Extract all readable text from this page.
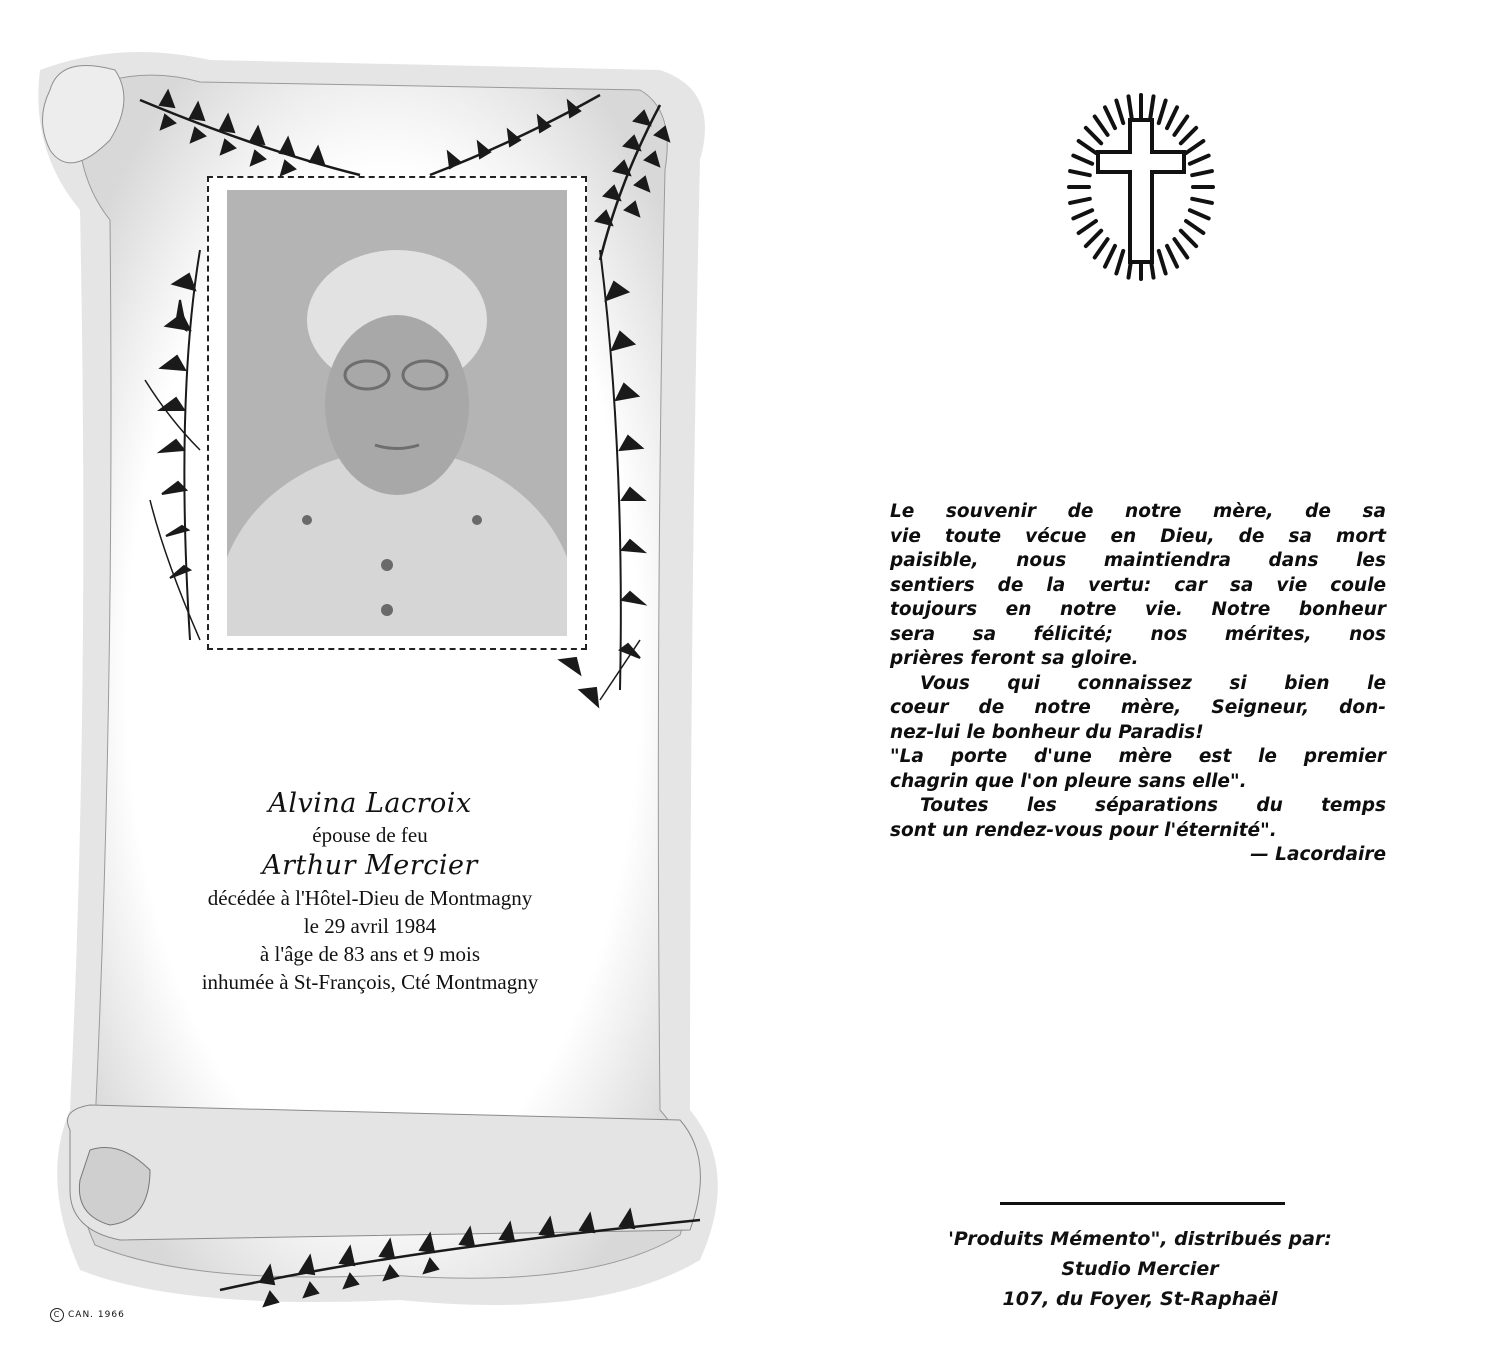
Alvina Lacroix
épouse de feu
Arthur Mercier
décédée à l'Hôtel-Dieu de Montmagny
le 29 avril 1984
à l'âge de 83 ans et 9 mois
inhumée à St-François, Cté Montmagny
C CAN. 1966

Le souvenir de notre mère, de sa

vie toute vécue en Dieu, de sa mort

paisible, nous maintiendra dans les

sentiers de la vertu: car sa vie coule

toujours en notre vie. Notre bonheur

sera sa félicité; nos mérites, nos

prières feront sa gloire.

Vous qui connaissez si bien le

coeur de notre mère, Seigneur, don-

nez-lui le bonheur du Paradis!

"La porte d'une mère est le premier

chagrin que l'on pleure sans elle".

Toutes les séparations du temps

sont un rendez-vous pour l'éternité".

— Lacordaire

'Produits Mémento", distribués par:
Studio Mercier
107, du Foyer, St-Raphaël
